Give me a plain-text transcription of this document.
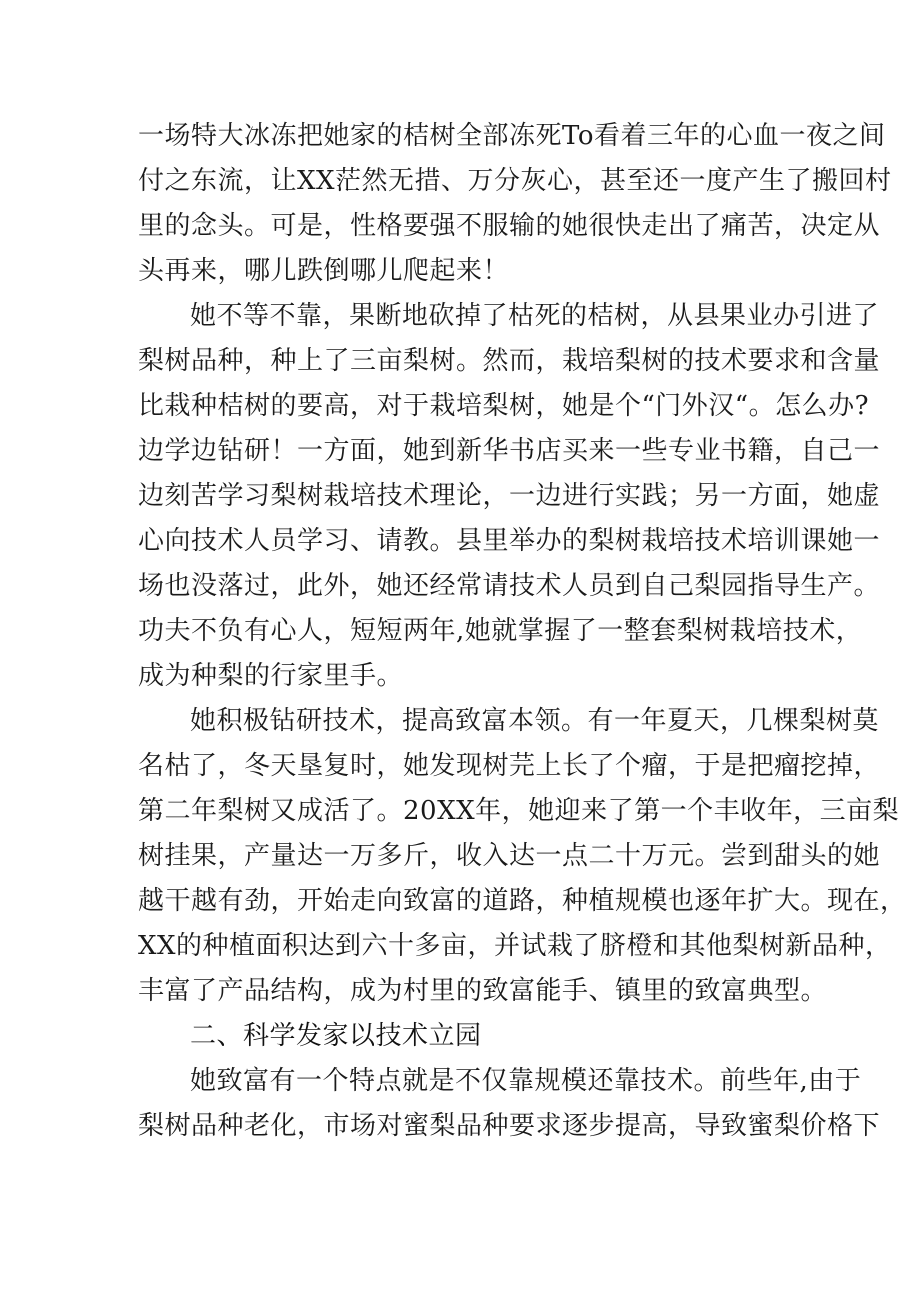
一场特大冰冻把她家的桔树全部冻死To看着三年的心血一夜之间
付之东流，让XX茫然无措、万分灰心，甚至还一度产生了搬回村
里的念头。可是，性格要强不服输的她很快走出了痛苦，决定从
头再来，哪儿跌倒哪儿爬起来！
她不等不靠，果断地砍掉了枯死的桔树，从县果业办引进了
梨树品种，种上了三亩梨树。然而，栽培梨树的技术要求和含量
比栽种桔树的要高，对于栽培梨树，她是个“门外汉“。怎么办?
边学边钻研！一方面，她到新华书店买来一些专业书籍，自己一
边刻苦学习梨树栽培技术理论，一边进行实践；另一方面，她虚
心向技术人员学习、请教。县里举办的梨树栽培技术培训课她一
场也没落过，此外，她还经常请技术人员到自己梨园指导生产。
功夫不负有心人，短短两年,她就掌握了一整套梨树栽培技术，
成为种梨的行家里手。
她积极钻研技术，提高致富本领。有一年夏天，几棵梨树莫
名枯了，冬天垦复时，她发现树芫上长了个瘤，于是把瘤挖掉，
第二年梨树又成活了。20XX年，她迎来了第一个丰收年，三亩梨
树挂果，产量达一万多斤，收入达一点二十万元。尝到甜头的她
越干越有劲，开始走向致富的道路，种植规模也逐年扩大。现在，
XX的种植面积达到六十多亩，并试栽了脐橙和其他梨树新品种，
丰富了产品结构，成为村里的致富能手、镇里的致富典型。
二、科学发家以技术立园
她致富有一个特点就是不仅靠规模还靠技术。前些年,由于
梨树品种老化，市场对蜜梨品种要求逐步提高，导致蜜梨价格下
